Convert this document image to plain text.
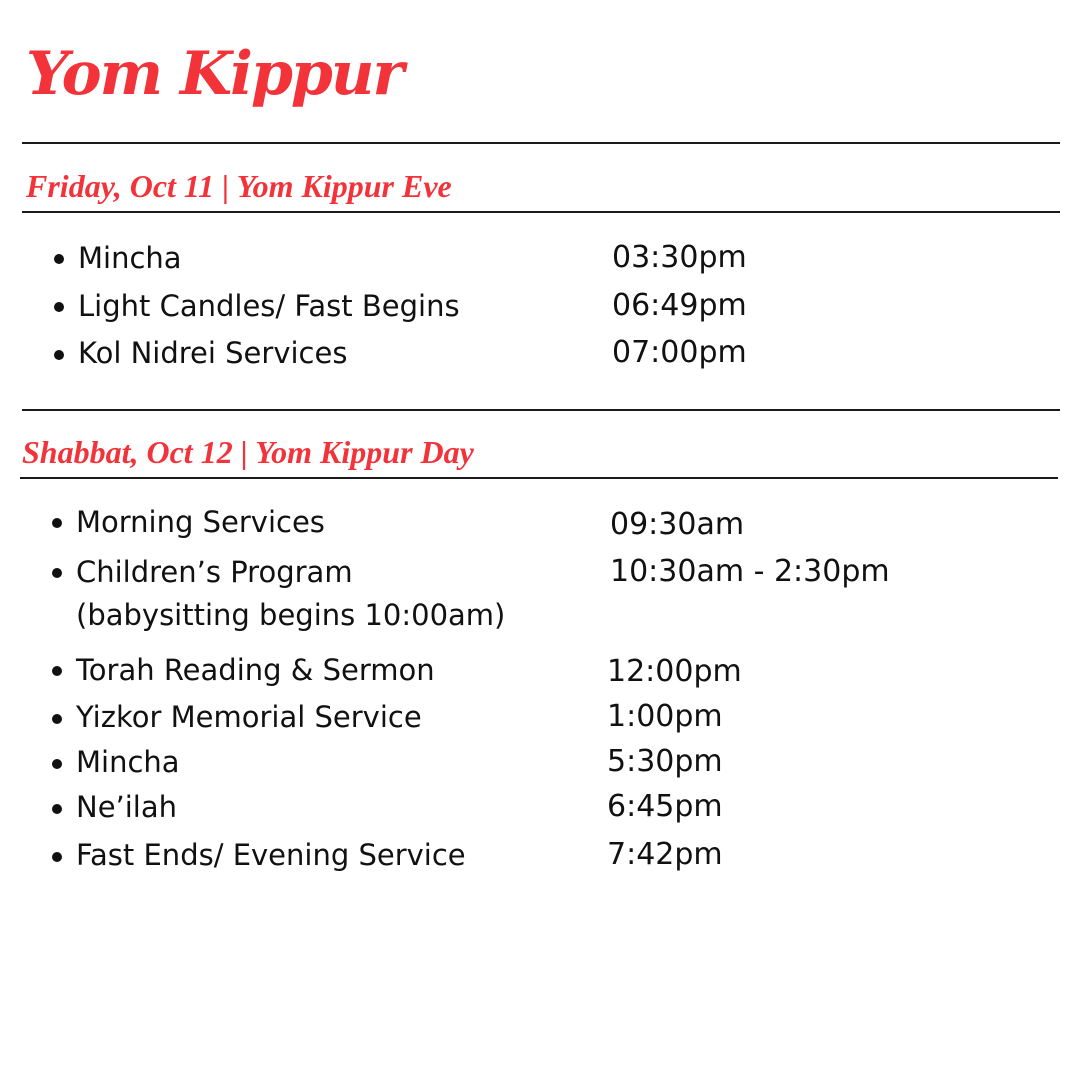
Yom Kippur
Friday, Oct 11 | Yom Kippur Eve
Mincha	03:30pm
Light Candles/ Fast Begins	06:49pm
Kol Nidrei Services	07:00pm
Shabbat, Oct 12 | Yom Kippur Day
Morning Services	09:30am
Children’s Program
(babysitting begins 10:00am)
10:30am - 2:30pm
Torah Reading & Sermon	12:00pm
Yizkor Memorial Service	1:00pm
Mincha	5:30pm
Ne’ilah	6:45pm
Fast Ends/ Evening Service	7:42pm
